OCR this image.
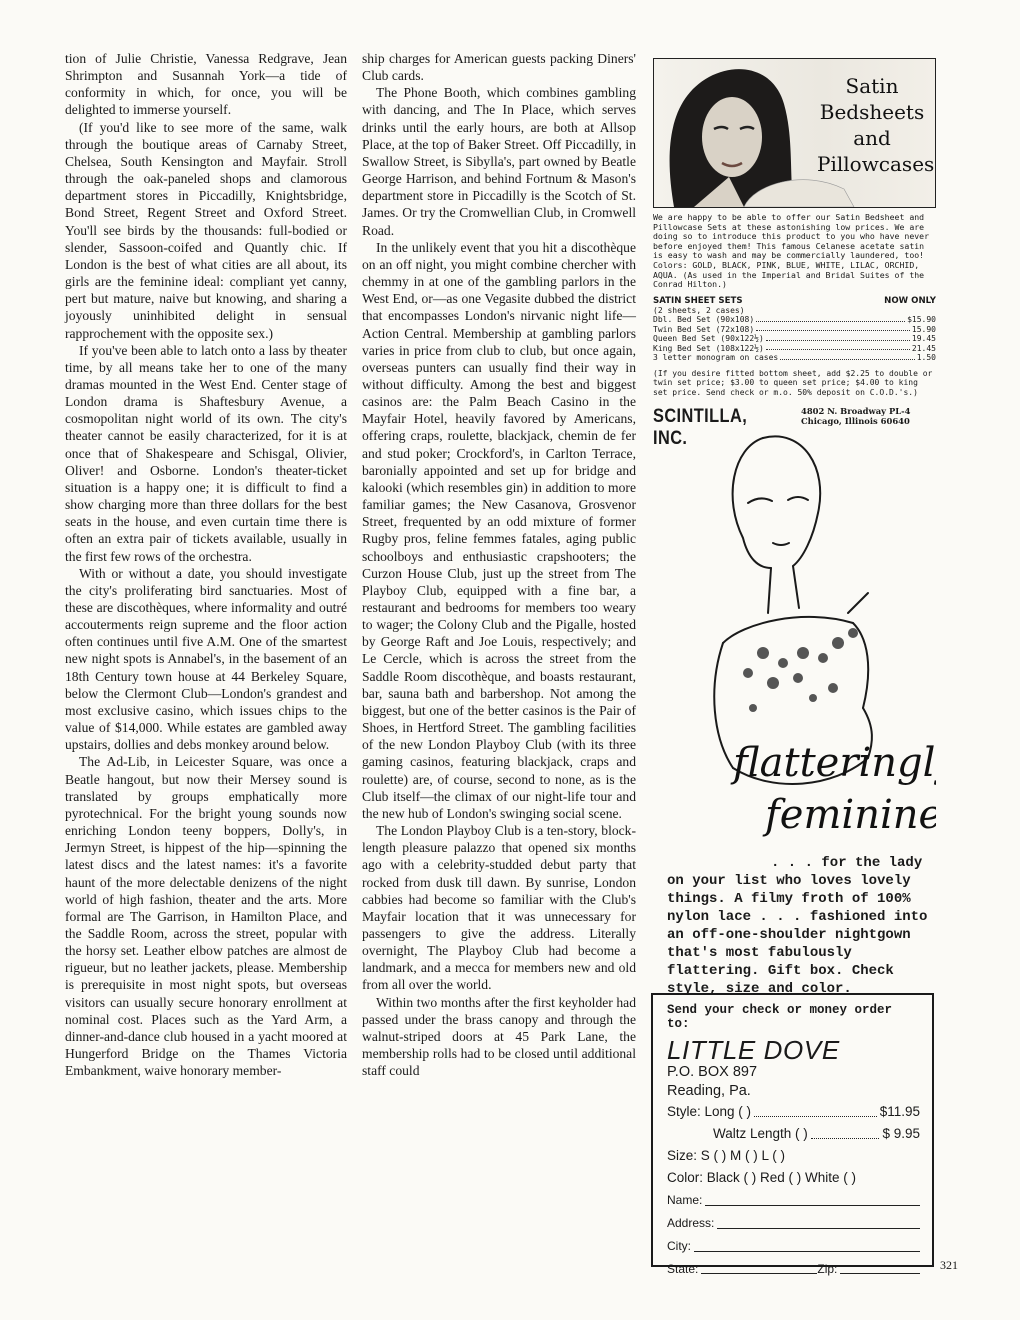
tion of Julie Christie, Vanessa Redgrave, Jean Shrimpton and Susannah York—a tide of conformity in which, for once, you will be delighted to immerse yourself.

(If you'd like to see more of the same, walk through the boutique areas of Carnaby Street, Chelsea, South Kensington and Mayfair. Stroll through the oak-paneled shops and clamorous department stores in Piccadilly, Knightsbridge, Bond Street, Regent Street and Oxford Street. You'll see birds by the thousands: full-bodied or slender, Sassoon-coifed and Quantly chic. If London is the best of what cities are all about, its girls are the feminine ideal: compliant yet canny, pert but mature, naive but knowing, and sharing a joyously uninhibited delight in sensual rapprochement with the opposite sex.)

If you've been able to latch onto a lass by theater time, by all means take her to one of the many dramas mounted in the West End. Center stage of London drama is Shaftesbury Avenue, a cosmopolitan night world of its own. The city's theater cannot be easily characterized, for it is at once that of Shakespeare and Schisgal, Olivier, Oliver! and Osborne. London's theater-ticket situation is a happy one; it is difficult to find a show charging more than three dollars for the best seats in the house, and even curtain time there is often an extra pair of tickets available, usually in the first few rows of the orchestra.

With or without a date, you should investigate the city's proliferating bird sanctuaries. Most of these are discothèques, where informality and outré accouterments reign supreme and the floor action often continues until five A.M. One of the smartest new night spots is Annabel's, in the basement of an 18th Century town house at 44 Berkeley Square, below the Clermont Club—London's grandest and most exclusive casino, which issues chips to the value of $14,000. While estates are gambled away upstairs, dollies and debs monkey around below.

The Ad-Lib, in Leicester Square, was once a Beatle hangout, but now their Mersey sound is translated by groups emphatically more pyrotechnical. For the bright young sounds now enriching London teeny boppers, Dolly's, in Jermyn Street, is hippest of the hip—spinning the latest discs and the latest names: it's a favorite haunt of the more delectable denizens of the night world of high fashion, theater and the arts. More formal are The Garrison, in Hamilton Place, and the Saddle Room, across the street, popular with the horsy set. Leather elbow patches are almost de rigueur, but no leather jackets, please. Membership is prerequisite in most night spots, but overseas visitors can usually secure honorary enrollment at nominal cost. Places such as the Yard Arm, a dinner-and-dance club housed in a yacht moored at Hungerford Bridge on the Thames Victoria Embankment, waive honorary member-

ship charges for American guests packing Diners' Club cards.

The Phone Booth, which combines gambling with dancing, and The In Place, which serves drinks until the early hours, are both at Allsop Place, at the top of Baker Street. Off Piccadilly, in Swallow Street, is Sibylla's, part owned by Beatle George Harrison, and behind Fortnum & Mason's department store in Piccadilly is the Scotch of St. James. Or try the Cromwellian Club, in Cromwell Road.

In the unlikely event that you hit a discothèque on an off night, you might combine chercher with chemmy in at one of the gambling parlors in the West End, or—as one Vegasite dubbed the district that encompasses London's nirvanic night life—Action Central. Membership at gambling parlors varies in price from club to club, but once again, overseas punters can usually find their way in without difficulty. Among the best and biggest casinos are: the Palm Beach Casino in the Mayfair Hotel, heavily favored by Americans, offering craps, roulette, blackjack, chemin de fer and stud poker; Crockford's, in Carlton Terrace, baronially appointed and set up for bridge and kalooki (which resembles gin) in addition to more familiar games; the New Casanova, Grosvenor Street, frequented by an odd mixture of former Rugby pros, feline femmes fatales, aging public schoolboys and enthusiastic crapshooters; the Curzon House Club, just up the street from The Playboy Club, equipped with a fine bar, a restaurant and bedrooms for members too weary to wager; the Colony Club and the Pigalle, hosted by George Raft and Joe Louis, respectively; and Le Cercle, which is across the street from the Saddle Room discothèque, and boasts restaurant, bar, sauna bath and barbershop. Not among the biggest, but one of the better casinos is the Pair of Shoes, in Hertford Street. The gambling facilities of the new London Playboy Club (with its three gaming casinos, featuring blackjack, craps and roulette) are, of course, second to none, as is the Club itself—the climax of our night-life tour and the new hub of London's swinging social scene.

The London Playboy Club is a ten-story, block-length pleasure palazzo that opened six months ago with a celebrity-studded debut party that rocked from dusk till dawn. By sunrise, London cabbies had become so familiar with the Club's Mayfair location that it was unnecessary for passengers to give the address. Literally overnight, The Playboy Club had become a landmark, and a mecca for members new and old from all over the world.

Within two months after the first keyholder had passed under the brass canopy and through the walnut-striped doors at 45 Park Lane, the membership rolls had to be closed until additional staff could

Satin
Bedsheets
and
Pillowcases
We are happy to be able to offer our Satin Bedsheet and Pillowcase Sets at these astonishing low prices. We are doing so to introduce this product to you who have never before enjoyed them! This famous Celanese acetate satin is easy to wash and may be commercially laundered, too! Colors: GOLD, BLACK, PINK, BLUE, WHITE, LILAC, ORCHID, AQUA. (As used in the Imperial and Bridal Suites of the Conrad Hilton.)
SATIN SHEET SETS	NOW ONLY
(2 sheets, 2 cases)
Dbl. Bed Set (90x108)	$15.90
Twin Bed Set (72x108)	15.90
Queen Bed Set (90x122½)	19.45
King Bed Set (108x122½)	21.45
3 letter monogram on cases	1.50
(If you desire fitted bottom sheet, add $2.25 to double or twin set price; $3.00 to queen set price; $4.00 to king set price. Send check or m.o. 50% deposit on C.O.D.'s.)
SCINTILLA, INC.
4802 N. Broadway PL-4
Chicago, Illinois 60640
flatteringly
feminine
. . . for the lady
on your list who loves lovely things. A filmy froth of 100% nylon lace . . . fashioned into an off-one-shoulder nightgown that's most fabulously flattering. Gift box. Check style, size and color.
Send your check or money order to:
LITTLE DOVE
P.O. BOX 897
Reading, Pa.
Style: Long ( )	$11.95
Waltz Length ( )	$ 9.95
Size: S ( ) M ( ) L ( )
Color: Black ( ) Red ( ) White ( )
Name:
Address:
City:
State:	Zip:	321
